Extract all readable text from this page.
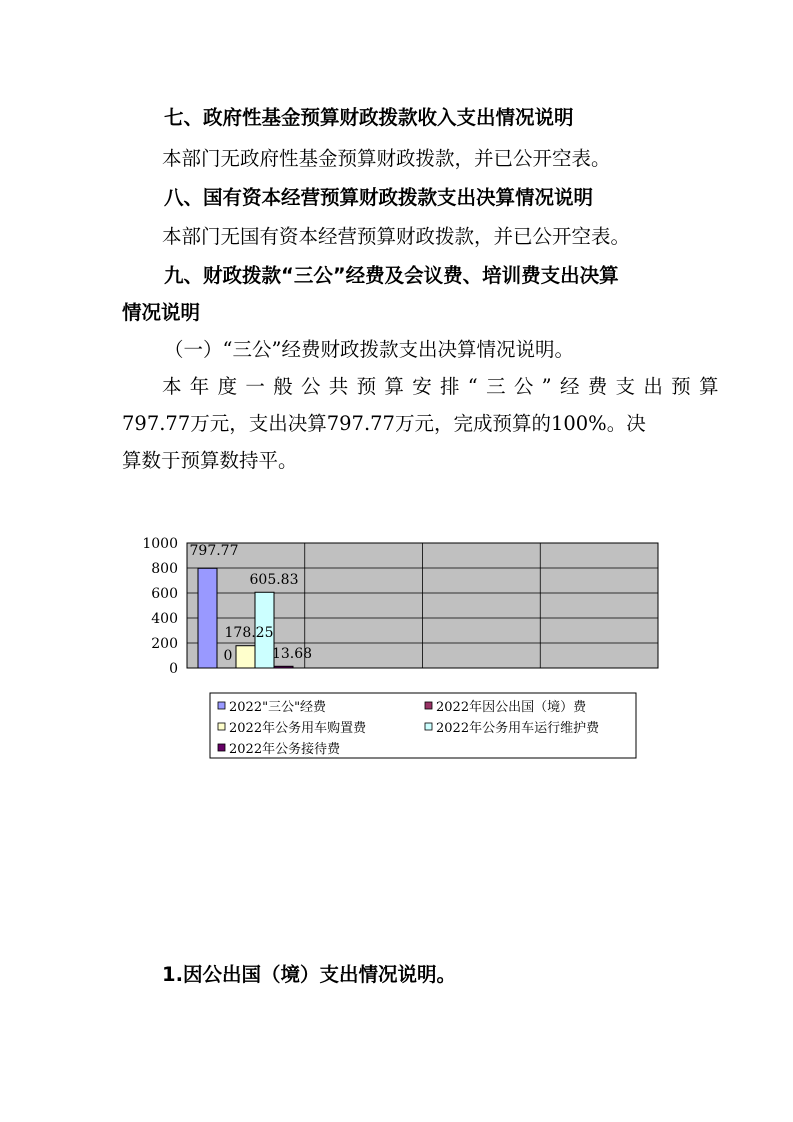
七、政府性基金预算财政拨款收入支出情况说明
本部门无政府性基金预算财政拨款，并已公开空表。
八、国有资本经营预算财政拨款支出决算情况说明
本部门无国有资本经营预算财政拨款，并已公开空表。
九、财政拨款“三公”经费及会议费、培训费支出决算
情况说明
（一）“三公”经费财政拨款支出决算情况说明。
本年度一般公共预算安排“三公”经费支出预算
797.77万元，支出决算797.77万元，完成预算的100%。决
算数于预算数持平。
1000
800
600
400
200
0
797.77
0
178.25
605.83
13.68
2022"三公"经费	2022年因公出国（境）费
2022年公务用车购置费	2022年公务用车运行维护费
2022年公务接待费
1.因公出国（境）支出情况说明。
